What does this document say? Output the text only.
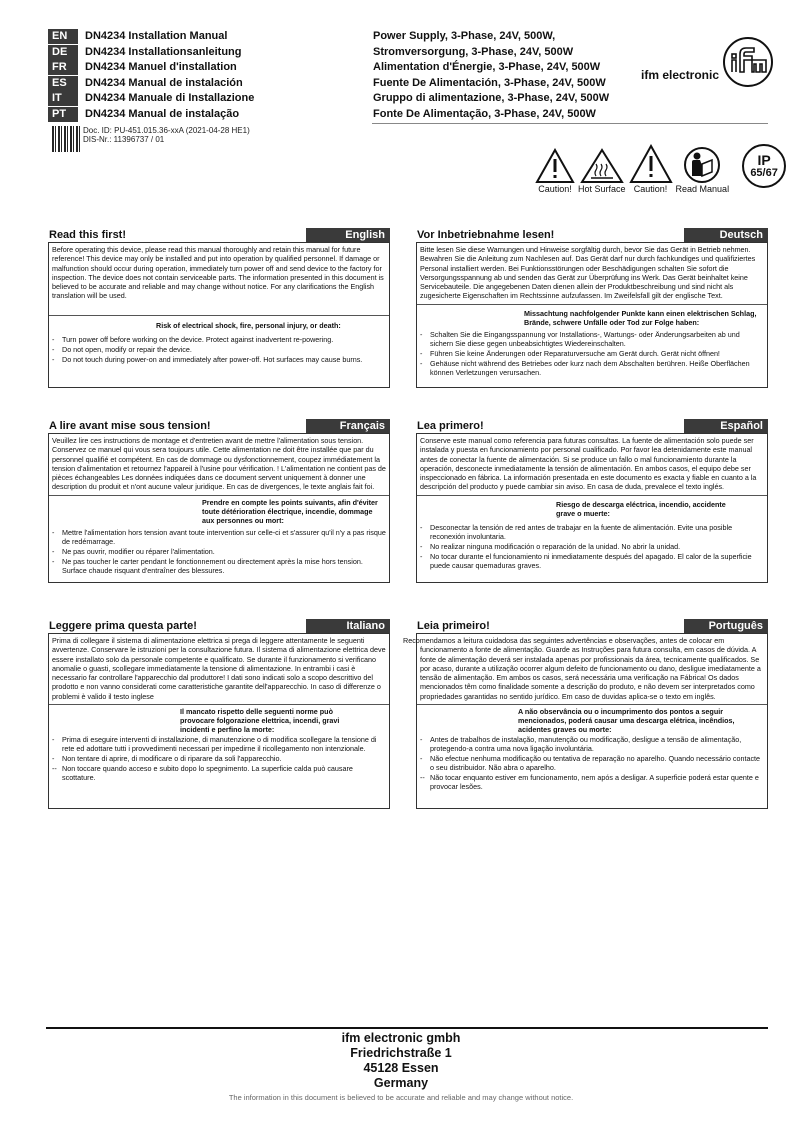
EN	DN4234 Installation Manual
DE	DN4234 Installationsanleitung
FR	DN4234 Manuel d'installation
ES	DN4234 Manual de instalación
IT	DN4234 Manuale di Installazione
PT	DN4234 Manual de instalação
Power Supply, 3-Phase, 24V, 500W,
Stromversorgung, 3-Phase, 24V, 500W
Alimentation d'Énergie, 3-Phase, 24V, 500W
Fuente De Alimentación, 3-Phase, 24V, 500W
Gruppo di alimentazione, 3-Phase, 24V, 500W
Fonte De Alimentação, 3-Phase, 24V, 500W
Doc. ID: PU-451.015.36-xxA (2021-04-28 HE1)
DIS-Nr.: 11396737 / 01
ifm electronic
Caution! Hot Surface Caution! Read Manual
IP
65/67
Read this first!	English
Before operating this device, please read this manual thoroughly and retain this manual for future reference! This device may only be installed and put into operation by qualified personnel. If damage or malfunction should occur during operation, immediately turn power off and send device to the factory for inspection. The device does not contain serviceable parts. The information presented in this document is believed to be accurate and reliable and may change without notice. For any clarifications the English translation will be used.
Risk of electrical shock, fire, personal injury, or death:
-	Turn power off before working on the device. Protect against inadvertent re-powering.
-	Do not open, modify or repair the device.
-	Do not touch during power-on and immediately after power-off. Hot surfaces may cause burns.
Vor Inbetriebnahme lesen!	Deutsch
Bitte lesen Sie diese Warnungen und Hinweise sorgfältig durch, bevor Sie das Gerät in Betrieb nehmen. Bewahren Sie die Anleitung zum Nachlesen auf. Das Gerät darf nur durch fachkundiges und qualifiziertes Personal installiert werden. Bei Funktionsstörungen oder Beschädigungen schalten Sie sofort die Versorgungsspannung ab und senden das Gerät zur Überprüfung ins Werk. Das Gerät beinhaltet keine Servicebauteile. Die angegebenen Daten dienen allein der Produktbeschreibung und sind nicht als zugesicherte Eigenschaften im Rechtssinne aufzufassen. Im Zweifelsfall gilt der englische Text.
Missachtung nachfolgender Punkte kann einen elektrischen Schlag, Brände, schwere Unfälle oder Tod zur Folge haben:
-	Schalten Sie die Eingangsspannung vor Installations-, Wartungs- oder Änderungsarbeiten ab und sichern Sie diese gegen unbeabsichtigtes Wiedereinschalten.
-	Führen Sie keine Änderungen oder Reparaturversuche am Gerät durch. Gerät nicht öffnen!
-	Gehäuse nicht während des Betriebes oder kurz nach dem Abschalten berühren. Heiße Oberflächen können Verletzungen verursachen.
A lire avant mise sous tension!	Français
Veuillez lire ces instructions de montage et d'entretien avant de mettre l'alimentation sous tension. Conservez ce manuel qui vous sera toujours utile. Cette alimentation ne doit être installée que par du personnel qualifié et compétent. En cas de dommage ou dysfonctionnement, coupez immédiatement la tension d'alimentation et retournez l'appareil à l'usine pour vérification. ! L'alimentation ne contient pas de pièces échangeables Les données indiquées dans ce document servent uniquement à donner une description du produit et n'ont aucune valeur juridique. En cas de divergences, le texte anglais fait foi.
Prendre en compte les points suivants, afin d'éviter toute détérioration électrique, incendie, dommage aux personnes ou mort:
-	Mettre l'alimentation hors tension avant toute intervention sur celle-ci et s'assurer qu'il n'y a pas risque de redémarrage.
-	Ne pas ouvrir, modifier ou réparer l'alimentation.
-	Ne pas toucher le carter pendant le fonctionnement ou directement après la mise hors tension. Surface chaude risquant d'entraîner des blessures.
Lea primero!	Español
Conserve este manual como referencia para futuras consultas. La fuente de alimentación solo puede ser instalada y puesta en funcionamiento por personal cualificado. Por favor lea detenidamente este manual antes de conectar la fuente de alimentación. Si se produce un fallo o mal funcionamiento durante la operación, desconecte inmediatamente la tensión de alimentación. En ambos casos, el equipo debe ser inspeccionado en fábrica. La información presentada en este documento es exacta y fiable en cuanto a la descripción del producto y puede cambiar sin aviso. En casa de duda, prevalece el texto inglés.
Riesgo de descarga eléctrica, incendio, accidente grave o muerte:
-	Desconectar la tensión de red antes de trabajar en la fuente de alimentación. Evite una posible reconexión involuntaria.
-	No realizar ninguna modificación o reparación de la unidad. No abrir la unidad.
-	No tocar durante el funcionamiento ni inmediatamente después del apagado. El calor de la superficie puede causar quemaduras graves.
Leggere prima questa parte!	Italiano
Prima di collegare il sistema di alimentazione elettrica si prega di leggere attentamente le seguenti avvertenze. Conservare le istruzioni per la consultazione futura. Il sistema di alimentazione elettrica deve essere installato solo da personale competente e qualificato. Se durante il funzionamento si verificano anomalie o guasti, scollegare immediatamente la tensione di alimentazione. In entrambi i casi è necessario far controllare l'apparecchio dal produttore! I dati sono indicati solo a scopo descrittivo del prodotto e non vanno considerati come caratteristiche garantite dell'apparecchio. In caso di differenze o problemi è valido il testo inglese
Il mancato rispetto delle seguenti norme può provocare folgorazione elettrica, incendi, gravi incidenti e perfino la morte:
-	Prima di eseguire interventi di installazione, di manutenzione o di modifica scollegare la tensione di rete ed adottare tutti i provvedimenti necessari per impedirne il ricollegamento non intenzionale.
-	Non tentare di aprire, di modificare o di riparare da soli l'apparecchio.
-- Non toccare quando acceso e subito dopo lo spegnimento. La superficie calda può causare scottature.
Leia primeiro!	Português
Recomendamos a leitura cuidadosa das seguintes advertências e observações, antes de colocar em funcionamento a fonte de alimentação. Guarde as Instruções para futura consulta, em casos de dúvida. A fonte de alimentação deverá ser instalada apenas por profissionais da área, tecnicamente qualificados. Se por acaso, durante a utilização ocorrer algum defeito de funcionamento ou dano, desligue imediatamente a tensão de alimentação. Em ambos os casos, será necessária uma verificação na Fábrica! Os dados mencionados têm como finalidade somente a descrição do produto, e não devem ser interpretados como propriedades garantidas no sentido jurídico. Em caso de duvidas aplica-se o texto em inglês.
A não observância ou o incumprimento dos pontos a seguir mencionados, poderá causar uma descarga elétrica, incêndios, acidentes graves ou morte:
-	Antes de trabalhos de instalação, manutenção ou modificação, desligue a tensão de alimentação, protegendo-a contra uma nova ligação involuntária.
-	Não efectue nenhuma modificação ou tentativa de reparação no aparelho. Quando necessário contacte o seu distribuidor. Não abra o aparelho.
-- Não tocar enquanto estiver em funcionamento, nem após a desligar. A superficie poderá estar quente e provocar lesões.
ifm electronic gmbh
Friedrichstraße 1
45128 Essen
Germany
The information in this document is believed to be accurate and reliable and may change without notice.
